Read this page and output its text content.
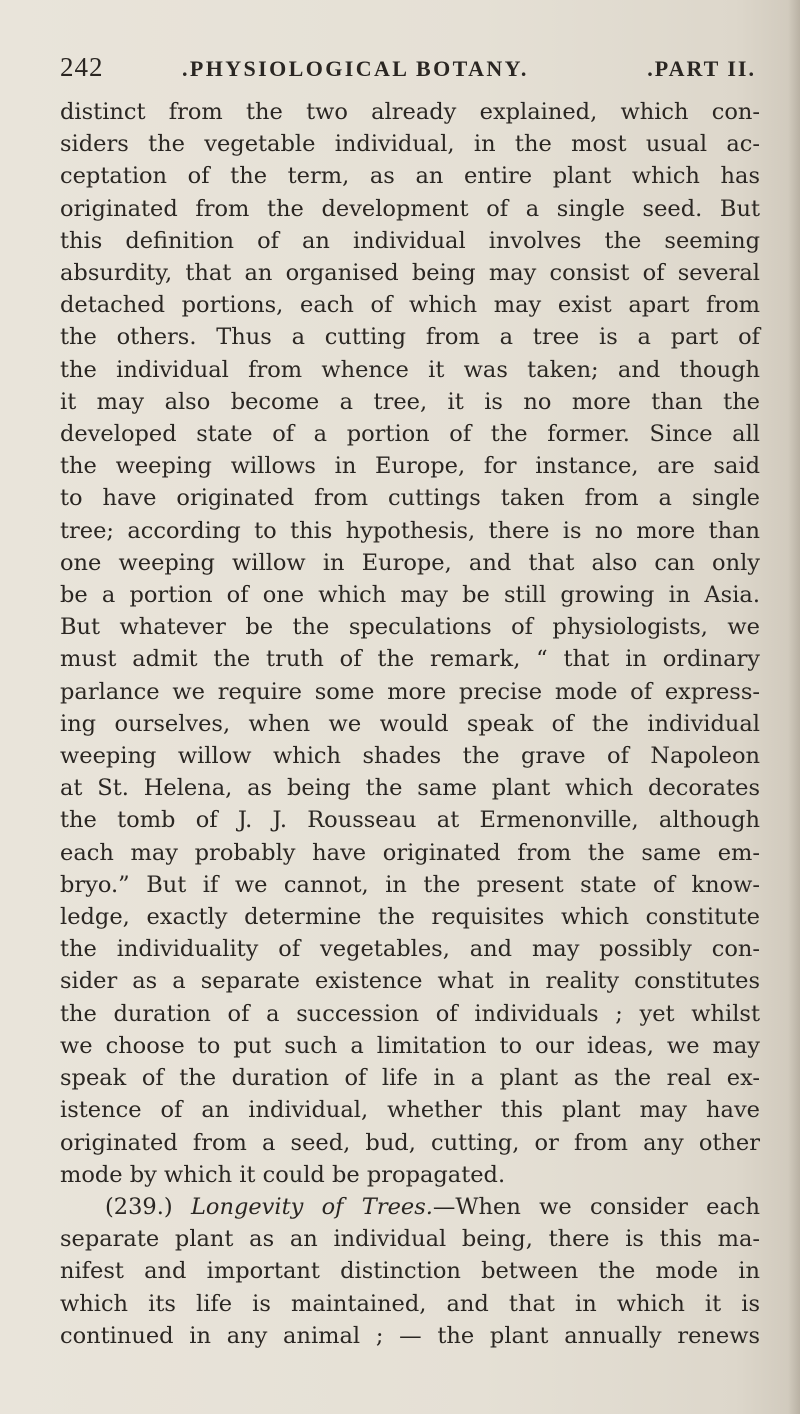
242	.PHYSIOLOGICAL BOTANY.	.PART II.
distinct from the two already explained, which con-
siders the vegetable individual, in the most usual ac-
ceptation of the term, as an entire plant which has
originated from the development of a single seed. But
this definition of an individual involves the seeming
absurdity, that an organised being may consist of several
detached portions, each of which may exist apart from
the others. Thus a cutting from a tree is a part of
the individual from whence it was taken; and though
it may also become a tree, it is no more than the
developed state of a portion of the former. Since all
the weeping willows in Europe, for instance, are said
to have originated from cuttings taken from a single
tree; according to this hypothesis, there is no more than
one weeping willow in Europe, and that also can only
be a portion of one which may be still growing in Asia.
But whatever be the speculations of physiologists, we
must admit the truth of the remark, “ that in ordinary
parlance we require some more precise mode of express-
ing ourselves, when we would speak of the individual
weeping willow which shades the grave of Napoleon
at St. Helena, as being the same plant which decorates
the tomb of J. J. Rousseau at Ermenonville, although
each may probably have originated from the same em-
bryo.” But if we cannot, in the present state of know-
ledge, exactly determine the requisites which constitute
the individuality of vegetables, and may possibly con-
sider as a separate existence what in reality constitutes
the duration of a succession of individuals ; yet whilst
we choose to put such a limitation to our ideas, we may
speak of the duration of life in a plant as the real ex-
istence of an individual, whether this plant may have
originated from a seed, bud, cutting, or from any other
mode by which it could be propagated.
(239.) Longevity of Trees.—When we consider each
separate plant as an individual being, there is this ma-
nifest and important distinction between the mode in
which its life is maintained, and that in which it is
continued in any animal ; — the plant annually renews
